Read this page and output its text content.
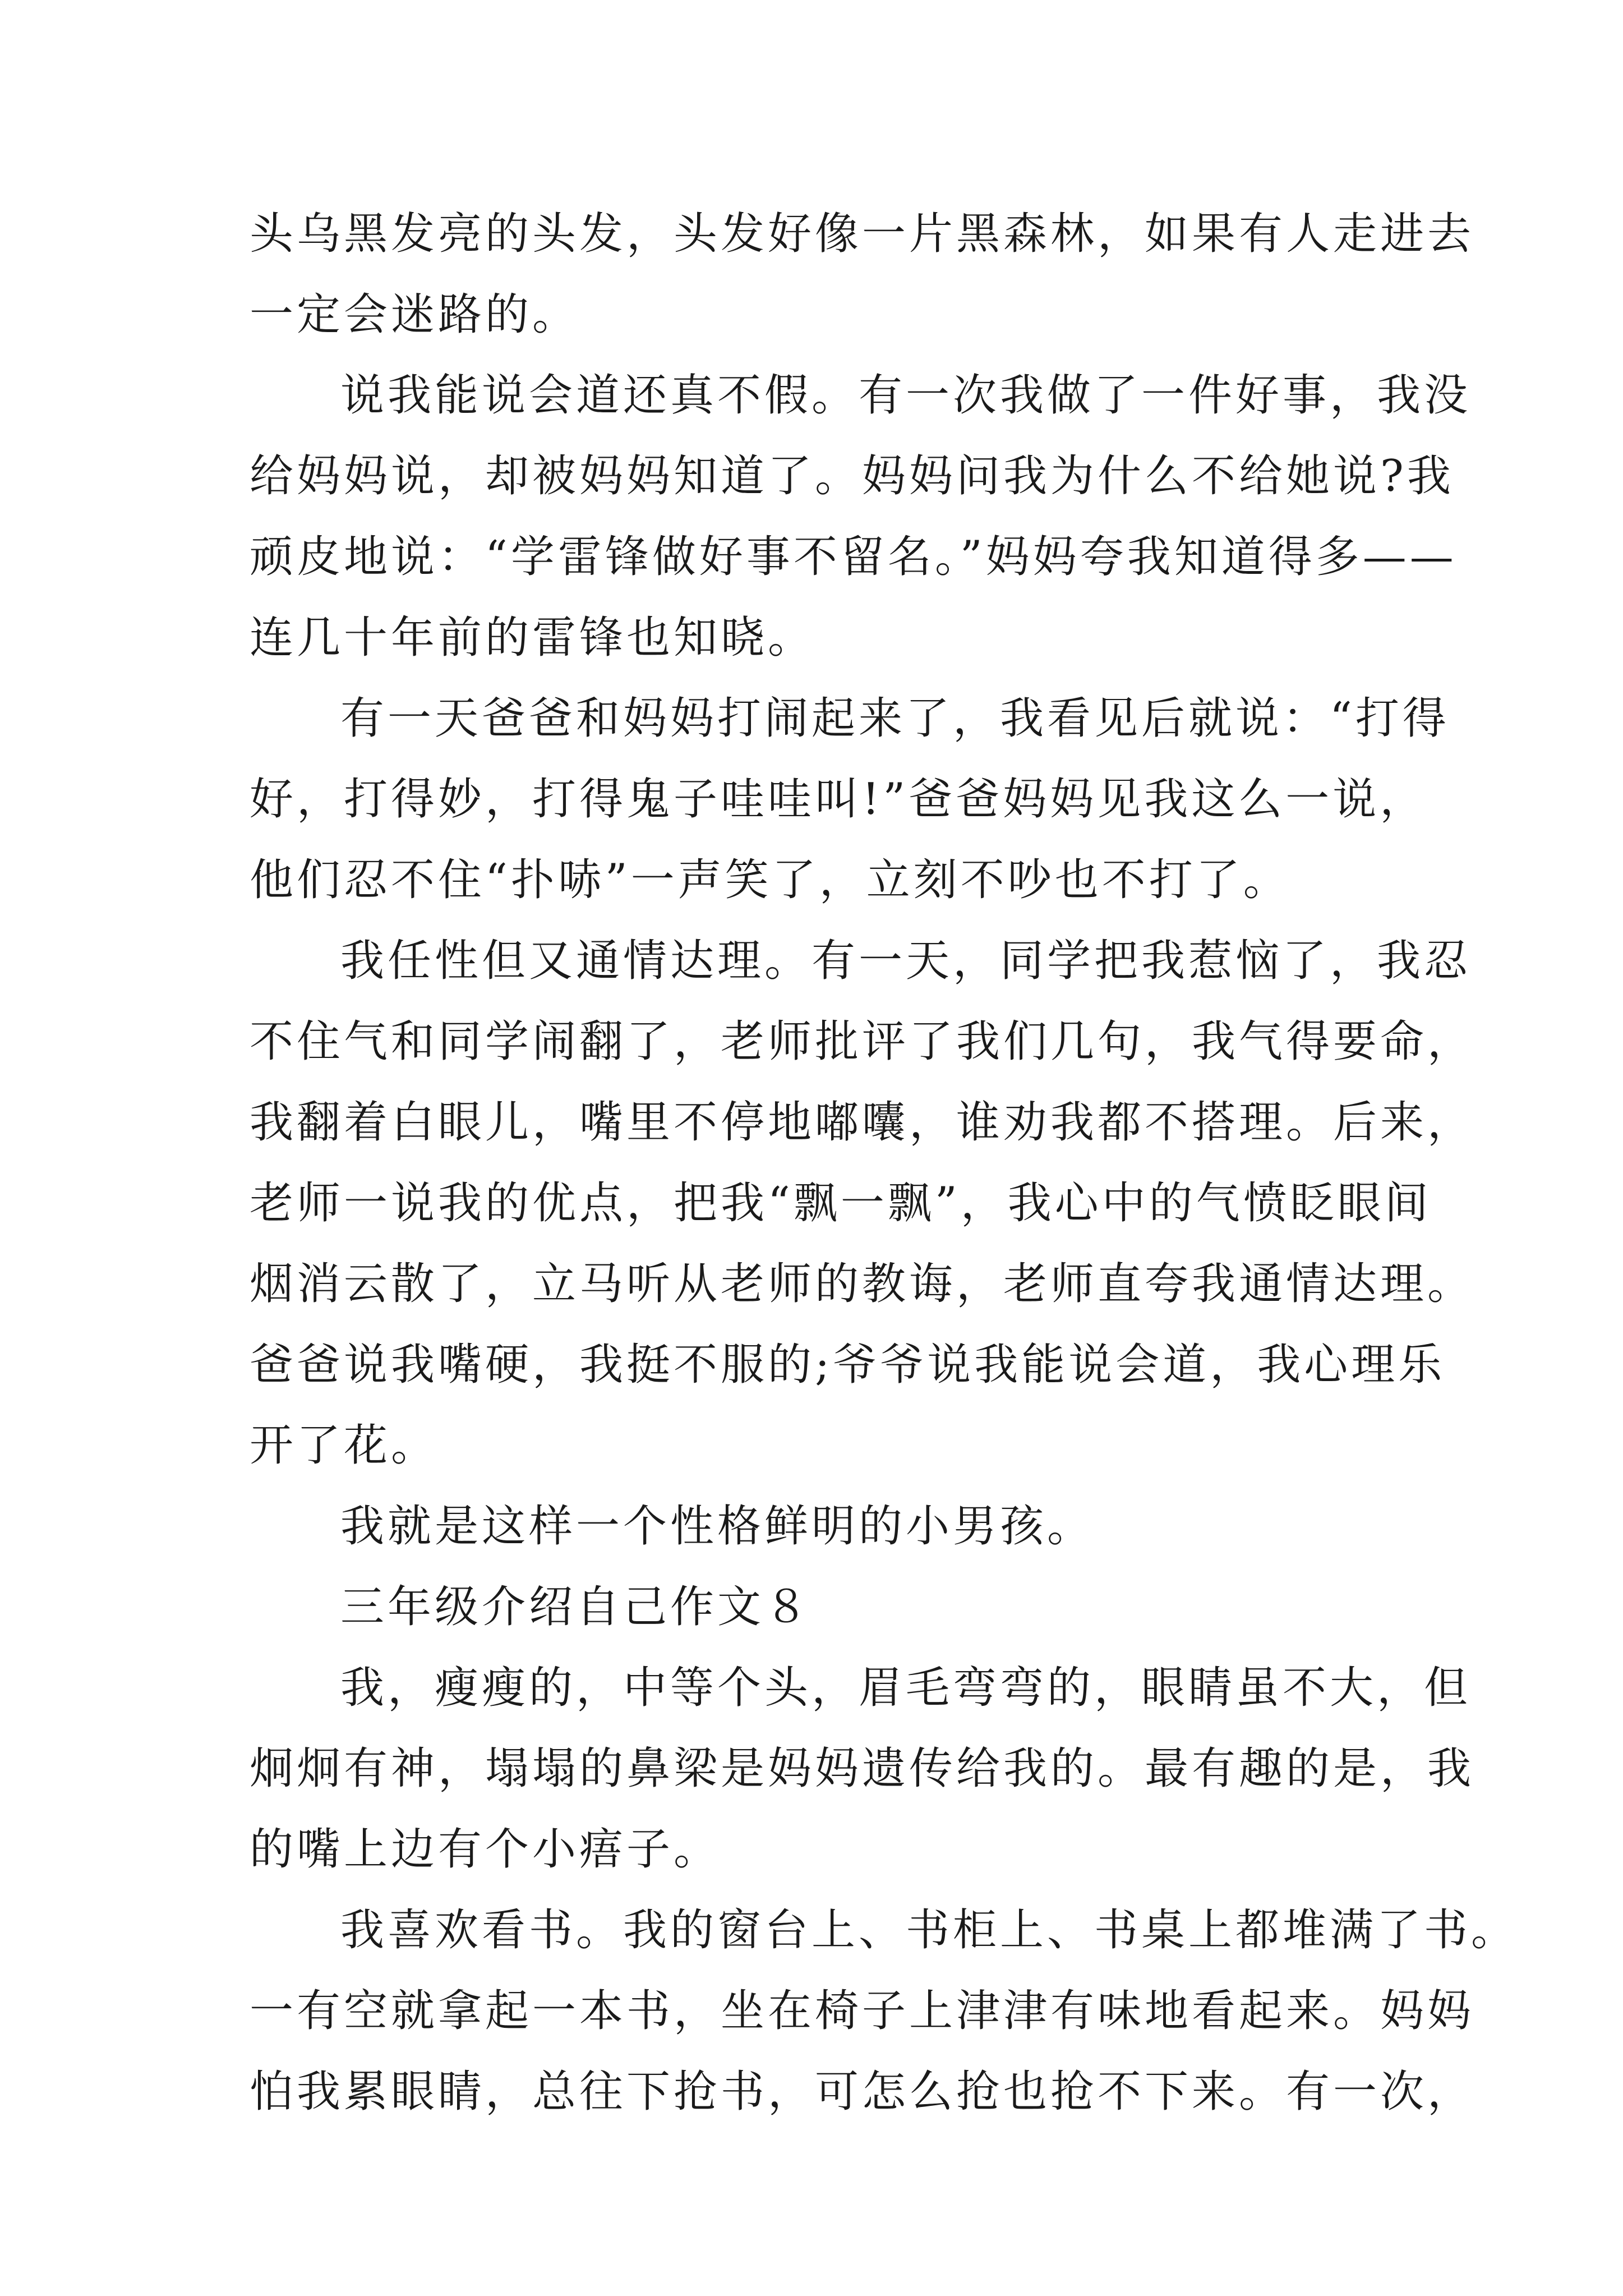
头乌黑发亮的头发，头发好像一片黑森林，如果有人走进去
一定会迷路的。

说我能说会道还真不假。有一次我做了一件好事，我没
给妈妈说，却被妈妈知道了。妈妈问我为什么不给她说?我
顽皮地说：“学雷锋做好事不留名。”妈妈夸我知道得多——
连几十年前的雷锋也知晓。

有一天爸爸和妈妈打闹起来了，我看见后就说：“打得
好，打得妙，打得鬼子哇哇叫!”爸爸妈妈见我这么一说，
他们忍不住“扑哧”一声笑了，立刻不吵也不打了。

我任性但又通情达理。有一天，同学把我惹恼了，我忍
不住气和同学闹翻了，老师批评了我们几句，我气得要命，
我翻着白眼儿，嘴里不停地嘟囔，谁劝我都不搭理。后来，
老师一说我的优点，把我“飘一飘”，我心中的气愤眨眼间
烟消云散了，立马听从老师的教诲，老师直夸我通情达理。
爸爸说我嘴硬，我挺不服的;爷爷说我能说会道，我心理乐
开了花。

我就是这样一个性格鲜明的小男孩。

三年级介绍自己作文８

我，瘦瘦的，中等个头，眉毛弯弯的，眼睛虽不大，但
炯炯有神，塌塌的鼻梁是妈妈遗传给我的。最有趣的是，我
的嘴上边有个小痦子。

我喜欢看书。我的窗台上、书柜上、书桌上都堆满了书。
一有空就拿起一本书，坐在椅子上津津有味地看起来。妈妈
怕我累眼睛，总往下抢书，可怎么抢也抢不下来。有一次，
